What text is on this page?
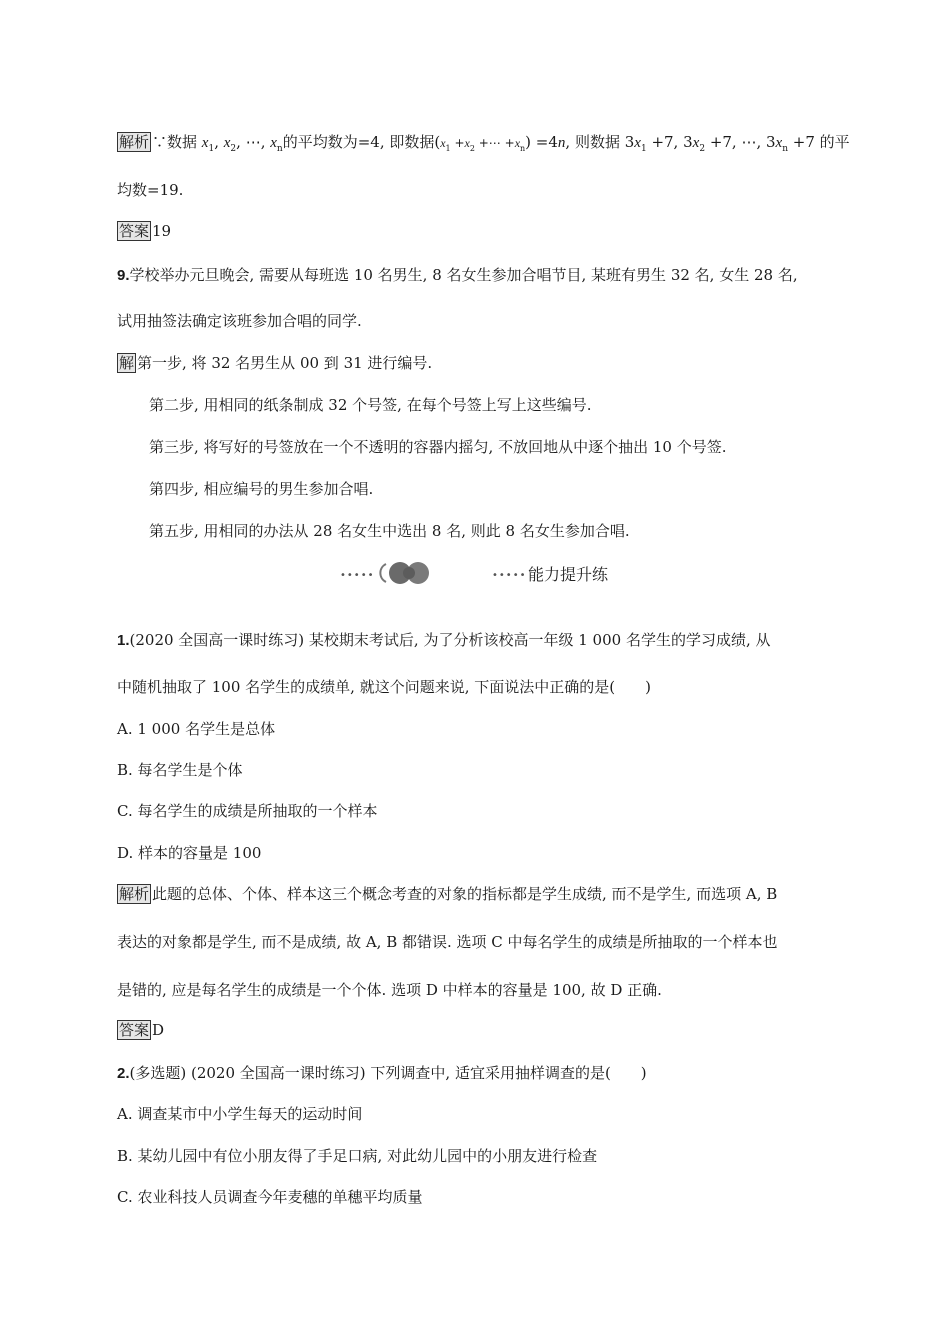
解析 ∵数据 $x_1$, $x_2$, ⋯, $x_n$的平均数为=4, 即数据($x_1 +x_2$ +⋯ $+x_n) =4n$, 则数据 $3x_1 +7$, $3x_2 +7$, ⋯, $3x_n +7$ 的平
均数=19.
答案 19
9.学校举办元旦晚会, 需要从每班选 10 名男生, 8 名女生参加合唱节目, 某班有男生 32 名, 女生 28 名,
试用抽签法确定该班参加合唱的同学.
解 第一步, 将 32 名男生从 00 到 31 进行编号.
第二步, 用相同的纸条制成 32 个号签, 在每个号签上写上这些编号.
第三步, 将写好的号签放在一个不透明的容器内摇匀, 不放回地从中逐个抽出 10 个号签.
第四步, 相应编号的男生参加合唱.
第五步, 用相同的办法从 28 名女生中选出 8 名, 则此 8 名女生参加合唱.
•••••	••••• 能力提升练
1.(2020 全国高一课时练习) 某校期末考试后, 为了分析该校高一年级 1 000 名学生的学习成绩, 从
中随机抽取了 100 名学生的成绩单, 就这个问题来说, 下面说法中正确的是(　　)
A. 1 000 名学生是总体
B. 每名学生是个体
C. 每名学生的成绩是所抽取的一个样本
D. 样本的容量是 100
解析 此题的总体、个体、样本这三个概念考查的对象的指标都是学生成绩, 而不是学生, 而选项 A, B
表达的对象都是学生, 而不是成绩, 故 A, B 都错误. 选项 C 中每名学生的成绩是所抽取的一个样本也
是错的, 应是每名学生的成绩是一个个体. 选项 D 中样本的容量是 100, 故 D 正确.
答案 D
2.(多选题) (2020 全国高一课时练习) 下列调查中, 适宜采用抽样调查的是(　　)
A. 调查某市中小学生每天的运动时间
B. 某幼儿园中有位小朋友得了手足口病, 对此幼儿园中的小朋友进行检查
C. 农业科技人员调查今年麦穗的单穗平均质量
